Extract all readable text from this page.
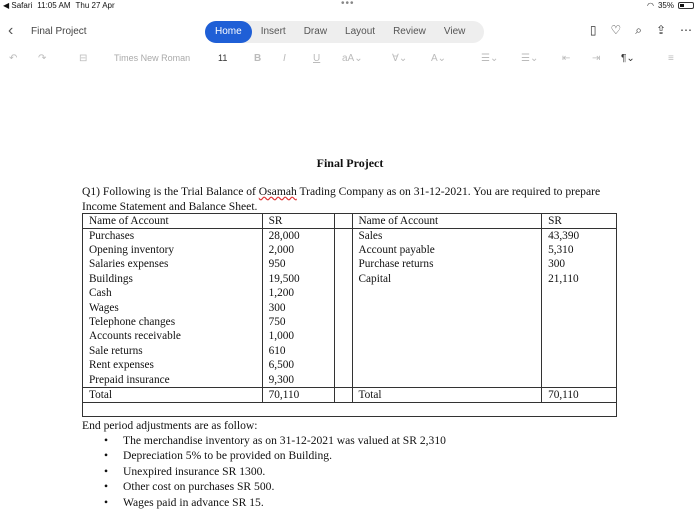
◀ Safari 11:05 AM Thu 27 Apr	•••	◠ 35%
‹ Final Project	Home	Insert	Draw	Layout	Review	View	▯ ♡ ⌕ ⇪ ⋯
↶ ↷	⊟	Times New Roman	11	B I	U aA⌄	∀⌄ A⌄	☰⌄ ☰⌄ ⇤ ⇥ ¶⌄	≡
Final Project
Q1) Following is the Trial Balance of Osamah Trading Company as on 31-12-2021. You are required to prepare Income Statement and Balance Sheet.
Name of Account	SR		Name of Account	SR
Purchases	28,000		Sales	43,390
Opening inventory	2,000		Account payable	5,310
Salaries expenses	950		Purchase returns	300
Buildings	19,500		Capital	21,110
Cash	1,200			
Wages	300			
Telephone changes	750			
Accounts receivable	1,000			
Sale returns	610			
Rent expenses	6,500			
Prepaid insurance	9,300			
Total	70,110		Total	70,110

End period adjustments are as follow:
• The merchandise inventory as on 31-12-2021 was valued at SR 2,310
• Depreciation 5% to be provided on Building.
• Unexpired insurance SR 1300.
• Other cost on purchases SR 500.
• Wages paid in advance SR 15.
